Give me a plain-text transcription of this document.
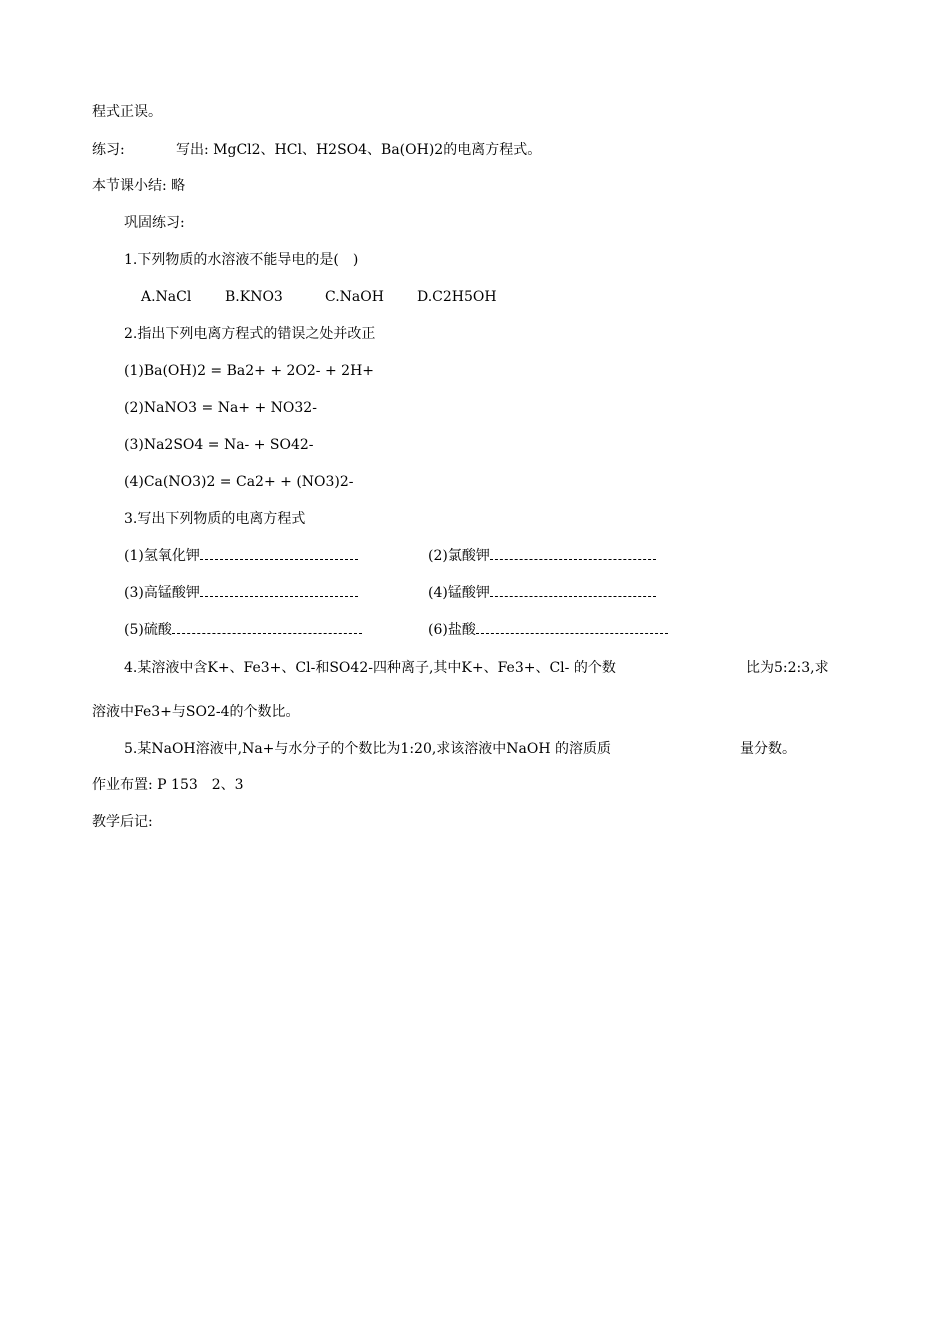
程式正误。
练习:	写出: MgCl2、HCl、H2SO4、Ba(OH)2的电离方程式。
本节课小结: 略
巩固练习:
1.下列物质的水溶液不能导电的是(　)
A.NaCl B.KNO3	C.NaOH D.C2H5OH
2.指出下列电离方程式的错误之处并改正
(1)Ba(OH)2 = Ba2+ + 2O2- + 2H+
(2)NaNO3 = Na+ + NO32-
(3)Na2SO4 = Na- + SO42-
(4)Ca(NO3)2 = Ca2+ + (NO3)2-
3.写出下列物质的电离方程式
(1)氢氧化钾	(2)氯酸钾
(3)高锰酸钾	(4)锰酸钾
(5)硫酸	(6)盐酸
4.某溶液中含K+、Fe3+、Cl-和SO42-四种离子,其中K+、Fe3+、Cl- 的个数	比为5:2:3,求
溶液中Fe3+与SO2-4的个数比。
5.某NaOH溶液中,Na+与水分子的个数比为1:20,求该溶液中NaOH 的溶质质	量分数。
作业布置: P 153　2、3
教学后记:
